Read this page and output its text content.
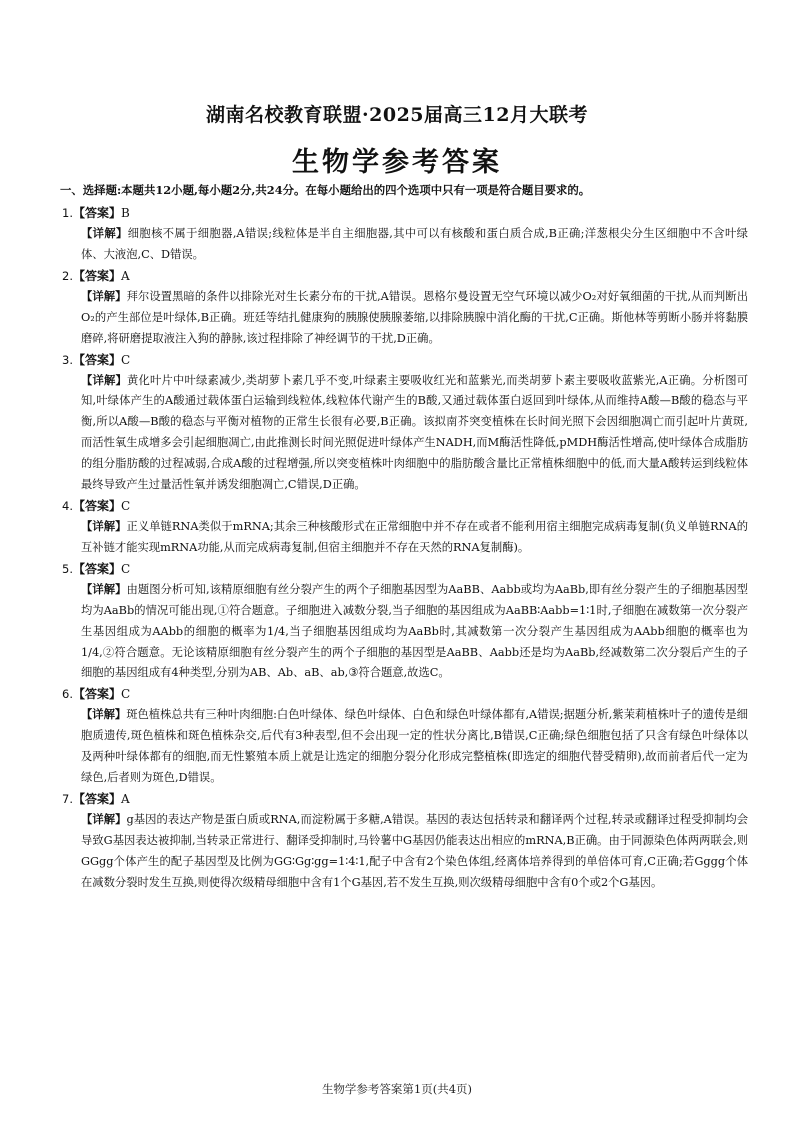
湖南名校教育联盟·2025届高三12月大联考
生物学参考答案
一、选择题:本题共12小题,每小题2分,共24分。在每小题给出的四个选项中只有一项是符合题目要求的。
1.【答案】B

【详解】细胞核不属于细胞器,A错误;线粒体是半自主细胞器,其中可以有核酸和蛋白质合成,B正确;洋葱根尖分生区细胞中不含叶绿体、大液泡,C、D错误。

2.【答案】A

【详解】拜尔设置黑暗的条件以排除光对生长素分布的干扰,A错误。恩格尔曼设置无空气环境以减少O₂对好氧细菌的干扰,从而判断出O₂的产生部位是叶绿体,B正确。班廷等结扎健康狗的胰腺使胰腺萎缩,以排除胰腺中消化酶的干扰,C正确。斯他林等剪断小肠并将黏膜磨碎,将研磨提取液注入狗的静脉,该过程排除了神经调节的干扰,D正确。

3.【答案】C

【详解】黄化叶片中叶绿素减少,类胡萝卜素几乎不变,叶绿素主要吸收红光和蓝紫光,而类胡萝卜素主要吸收蓝紫光,A正确。分析图可知,叶绿体产生的A酸通过载体蛋白运输到线粒体,线粒体代谢产生的B酸,又通过载体蛋白返回到叶绿体,从而维持A酸—B酸的稳态与平衡,所以A酸—B酸的稳态与平衡对植物的正常生长很有必要,B正确。该拟南芥突变植株在长时间光照下会因细胞凋亡而引起叶片黄斑,而活性氧生成增多会引起细胞凋亡,由此推测长时间光照促进叶绿体产生NADH,而M酶活性降低,pMDH酶活性增高,使叶绿体合成脂肪的组分脂肪酸的过程减弱,合成A酸的过程增强,所以突变植株叶肉细胞中的脂肪酸含量比正常植株细胞中的低,而大量A酸转运到线粒体最终导致产生过量活性氧并诱发细胞凋亡,C错误,D正确。

4.【答案】C

【详解】正义单链RNA类似于mRNA;其余三种核酸形式在正常细胞中并不存在或者不能利用宿主细胞完成病毒复制(负义单链RNA的互补链才能实现mRNA功能,从而完成病毒复制,但宿主细胞并不存在天然的RNA复制酶)。

5.【答案】C

【详解】由题图分析可知,该精原细胞有丝分裂产生的两个子细胞基因型为AaBB、Aabb或均为AaBb,即有丝分裂产生的子细胞基因型均为AaBb的情况可能出现,①符合题意。子细胞进入减数分裂,当子细胞的基因组成为AaBB∶Aabb=1∶1时,子细胞在减数第一次分裂产生基因组成为AAbb的细胞的概率为1/4,当子细胞基因组成均为AaBb时,其减数第一次分裂产生基因组成为AAbb细胞的概率也为1/4,②符合题意。无论该精原细胞有丝分裂产生的两个子细胞的基因型是AaBB、Aabb还是均为AaBb,经减数第二次分裂后产生的子细胞的基因组成有4种类型,分别为AB、Ab、aB、ab,③符合题意,故选C。

6.【答案】C

【详解】斑色植株总共有三种叶肉细胞:白色叶绿体、绿色叶绿体、白色和绿色叶绿体都有,A错误;据题分析,紫茉莉植株叶子的遗传是细胞质遗传,斑色植株和斑色植株杂交,后代有3种表型,但不会出现一定的性状分离比,B错误,C正确;绿色细胞包括了只含有绿色叶绿体以及两种叶绿体都有的细胞,而无性繁殖本质上就是让选定的细胞分裂分化形成完整植株(即选定的细胞代替受精卵),故而前者后代一定为绿色,后者则为斑色,D错误。

7.【答案】A

【详解】g基因的表达产物是蛋白质或RNA,而淀粉属于多糖,A错误。基因的表达包括转录和翻译两个过程,转录或翻译过程受抑制均会导致G基因表达被抑制,当转录正常进行、翻译受抑制时,马铃薯中G基因仍能表达出相应的mRNA,B正确。由于同源染色体两两联会,则GGgg个体产生的配子基因型及比例为GG∶Gg∶gg=1∶4∶1,配子中含有2个染色体组,经离体培养得到的单倍体可育,C正确;若Gggg个体在减数分裂时发生互换,则使得次级精母细胞中含有1个G基因,若不发生互换,则次级精母细胞中含有0个或2个G基因。

生物学参考答案第1页(共4页)
